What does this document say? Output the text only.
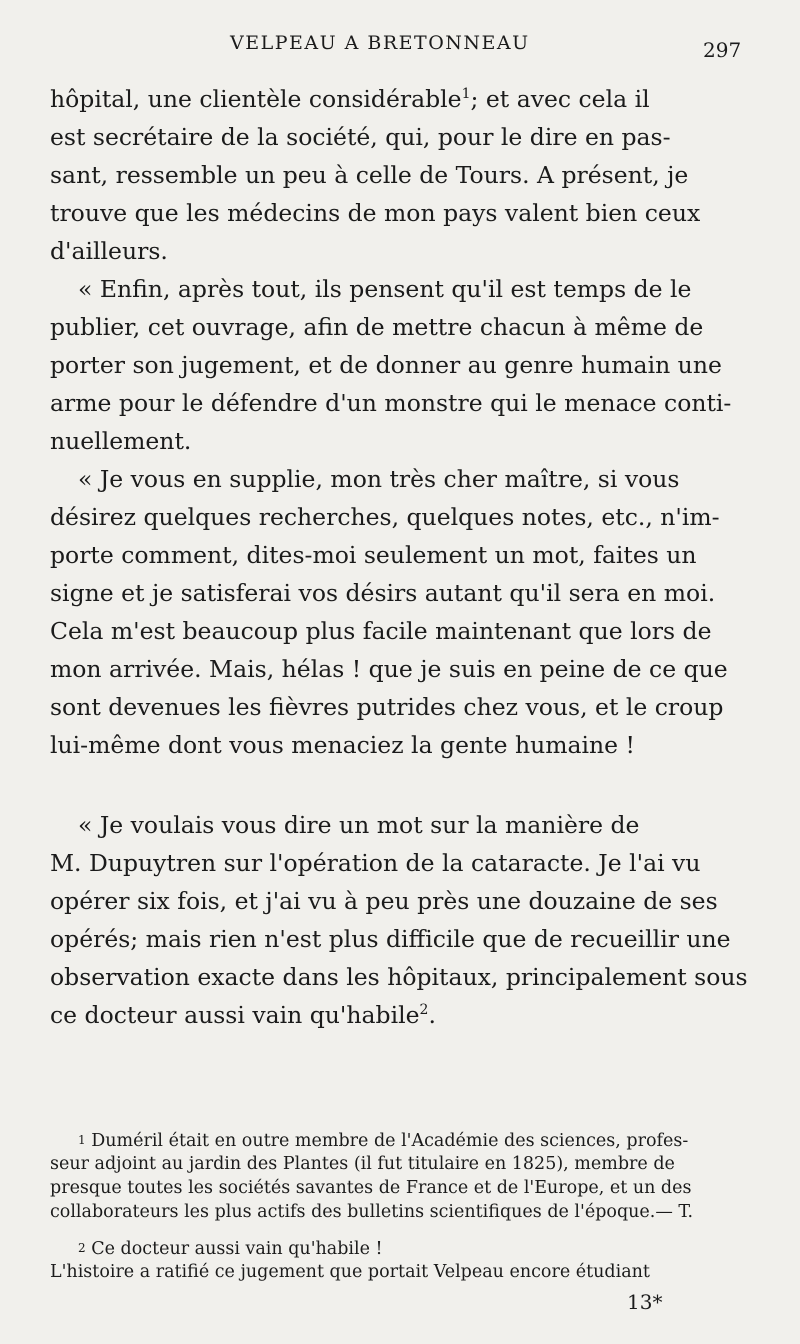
VELPEAU A BRETONNEAU	297
hôpital, une clientèle considérable$^1$; et avec cela il
est secrétaire de la société, qui, pour le dire en pas-
sant, ressemble un peu à celle de Tours. A présent, je
trouve que les médecins de mon pays valent bien ceux
d'ailleurs.
« Enfin, après tout, ils pensent qu'il est temps de le
publier, cet ouvrage, afin de mettre chacun à même de
porter son jugement, et de donner au genre humain une
arme pour le défendre d'un monstre qui le menace conti-
nuellement.
« Je vous en supplie, mon très cher maître, si vous
désirez quelques recherches, quelques notes, etc., n'im-
porte comment, dites-moi seulement un mot, faites un
signe et je satisferai vos désirs autant qu'il sera en moi.
Cela m'est beaucoup plus facile maintenant que lors de
mon arrivée. Mais, hélas ! que je suis en peine de ce que
sont devenues les fièvres putrides chez vous, et le croup
lui-même dont vous menaciez la gente humaine !
« Je voulais vous dire un mot sur la manière de
M. Dupuytren sur l'opération de la cataracte. Je l'ai vu
opérer six fois, et j'ai vu à peu près une douzaine de ses
opérés; mais rien n'est plus difficile que de recueillir une
observation exacte dans les hôpitaux, principalement sous
ce docteur aussi vain qu'habile$^2$.
1 Duméril était en outre membre de l'Académie des sciences, profes-
seur adjoint au jardin des Plantes (il fut titulaire en 1825), membre de
presque toutes les sociétés savantes de France et de l'Europe, et un des
collaborateurs les plus actifs des bulletins scientifiques de l'époque.— T.
2 Ce docteur aussi vain qu'habile !
L'histoire a ratifié ce jugement que portait Velpeau encore étudiant
13*
